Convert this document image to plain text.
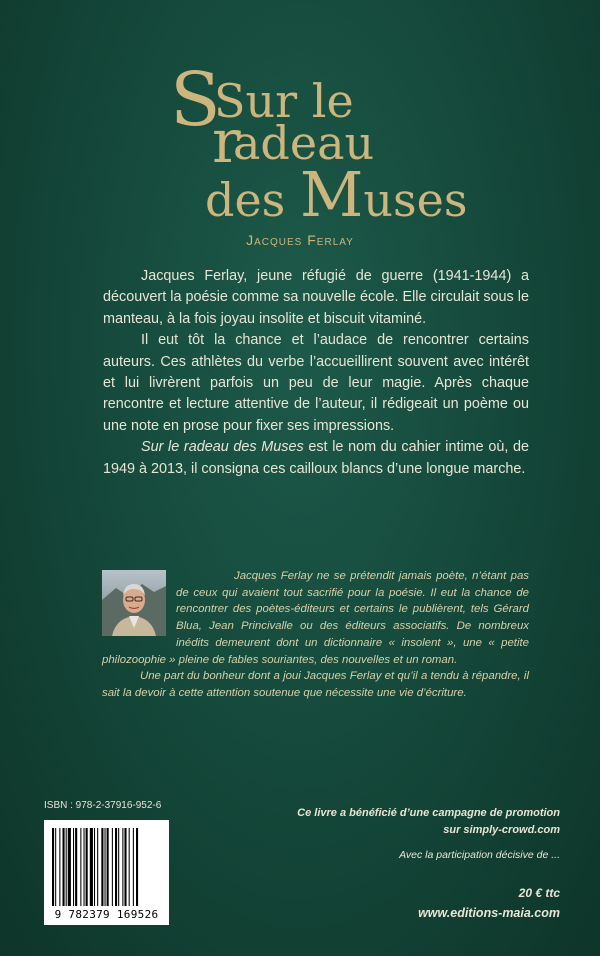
S
Sur le
r
adeau
des Muses
Jacques Ferlay

Jacques Ferlay, jeune réfugié de guerre (1941-1944) a découvert la poésie comme sa nouvelle école. Elle circulait sous le manteau, à la fois joyau insolite et biscuit vitaminé.

Il eut tôt la chance et l’audace de rencontrer certains auteurs. Ces athlètes du verbe l’accueillirent souvent avec intérêt et lui livrèrent parfois un peu de leur magie. Après chaque rencontre et lecture attentive de l’auteur, il rédigeait un poème ou une note en prose pour fixer ses impressions.

Sur le radeau des Muses est le nom du cahier intime où, de 1949 à 2013, il consigna ces cailloux blancs d’une longue marche.

Jacques Ferlay ne se prétendit jamais poète, n’étant pas de ceux qui avaient tout sacrifié pour la poésie. Il eut la chance de rencontrer des poètes-éditeurs et certains le publièrent, tels Gérard Blua, Jean Princivalle ou des éditeurs associatifs. De nombreux inédits demeurent dont un dictionnaire « insolent », une « petite philozoophie » pleine de fables souriantes, des nouvelles et un roman.

Une part du bonheur dont a joui Jacques Ferlay et qu’il a tendu à répandre, il sait la devoir à cette attention soutenue que nécessite une vie d’écriture.

ISBN : 978-2-37916-952-6
9 782379 169526
Ce livre a bénéficié d’une campagne de promotion
sur simply-crowd.com
Avec la participation décisive de ...
20 € ttc
www.editions-maia.com
